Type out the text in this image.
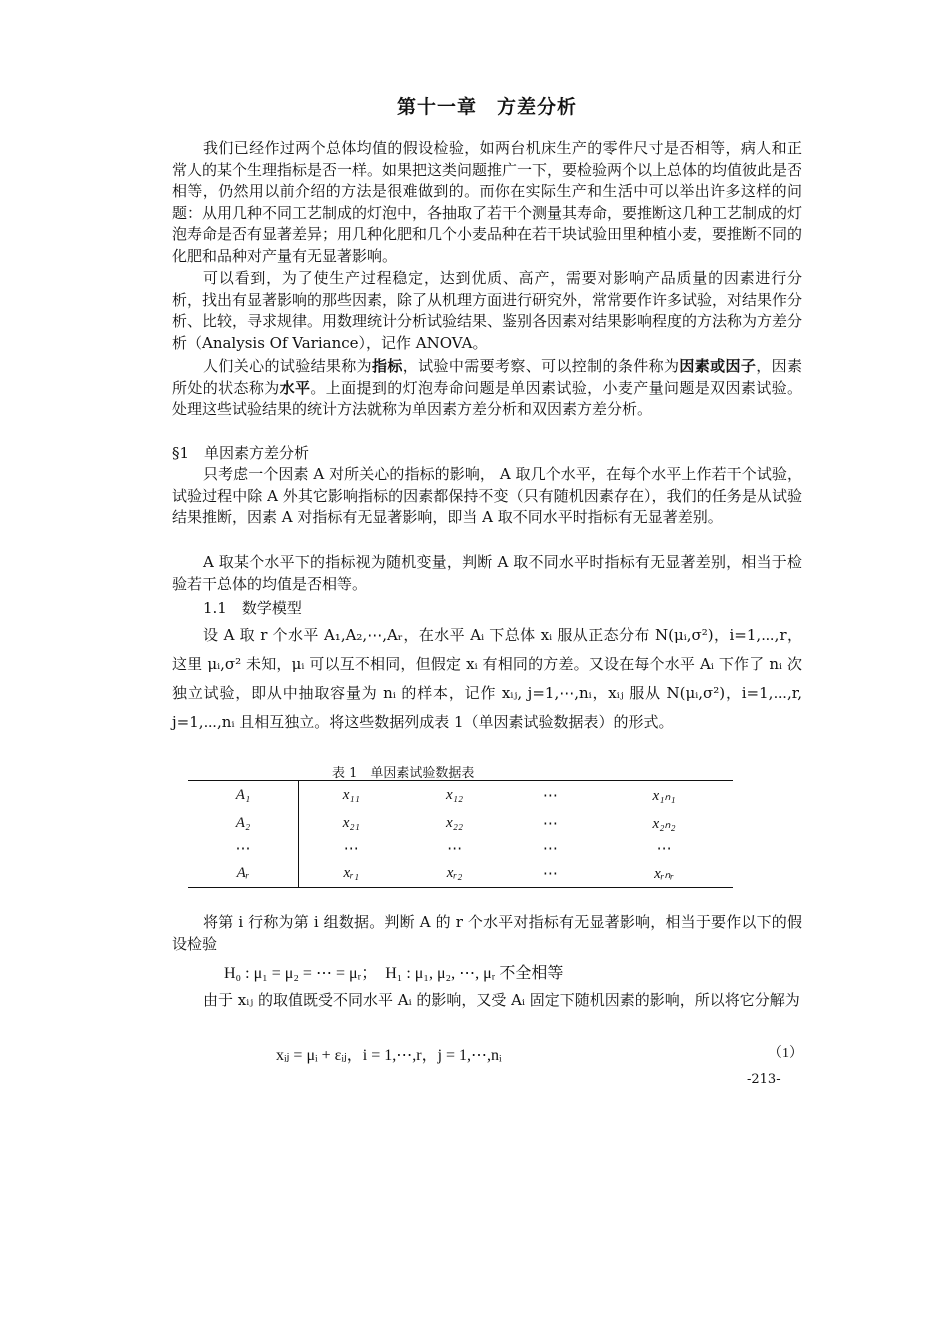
第十一章　方差分析

我们已经作过两个总体均值的假设检验，如两台机床生产的零件尺寸是否相等，病人和正常人的某个生理指标是否一样。如果把这类问题推广一下，要检验两个以上总体的均值彼此是否相等，仍然用以前介绍的方法是很难做到的。而你在实际生产和生活中可以举出许多这样的问题：从用几种不同工艺制成的灯泡中，各抽取了若干个测量其寿命，要推断这几种工艺制成的灯泡寿命是否有显著差异；用几种化肥和几个小麦品种在若干块试验田里种植小麦，要推断不同的化肥和品种对产量有无显著影响。

可以看到，为了使生产过程稳定，达到优质、高产，需要对影响产品质量的因素进行分析，找出有显著影响的那些因素，除了从机理方面进行研究外，常常要作许多试验，对结果作分析、比较，寻求规律。用数理统计分析试验结果、鉴别各因素对结果影响程度的方法称为方差分析（Analysis Of Variance），记作 ANOVA。

人们关心的试验结果称为指标，试验中需要考察、可以控制的条件称为因素或因子，因素所处的状态称为水平。上面提到的灯泡寿命问题是单因素试验，小麦产量问题是双因素试验。处理这些试验结果的统计方法就称为单因素方差分析和双因素方差分析。

§1　单因素方差分析

只考虑一个因素 A 对所关心的指标的影响， A 取几个水平，在每个水平上作若干个试验，试验过程中除 A 外其它影响指标的因素都保持不变（只有随机因素存在），我们的任务是从试验结果推断，因素 A 对指标有无显著影响，即当 A 取不同水平时指标有无显著差别。

A 取某个水平下的指标视为随机变量，判断 A 取不同水平时指标有无显著差别，相当于检验若干总体的均值是否相等。

1.1　数学模型

设 A 取 r 个水平 A₁,A₂,⋯,Aᵣ，在水平 Aᵢ 下总体 xᵢ 服从正态分布 N(μᵢ,σ²)，i=1,⋯,r，这里 μᵢ,σ² 未知，μᵢ 可以互不相同，但假定 xᵢ 有相同的方差。又设在每个水平 Aᵢ 下作了 nᵢ 次独立试验，即从中抽取容量为 nᵢ 的样本，记作 xᵢⱼ, j=1,⋯,nᵢ，xᵢⱼ 服从 N(μᵢ,σ²)，i=1,⋯,r, j=1,⋯,nᵢ 且相互独立。将这些数据列成表 1（单因素试验数据表）的形式。

表 1　单因素试验数据表
A₁	x₁₁	x₁₂	⋯	x₁ₙ₁
A₂	x₂₁	x₂₂	⋯	x₂ₙ₂
⋯	⋯	⋯	⋯	⋯
Aᵣ	xᵣ₁	xᵣ₂	⋯	xᵣₙᵣ

将第 i 行称为第 i 组数据。判断 A 的 r 个水平对指标有无显著影响，相当于要作以下的假设检验

H₀ : μ₁ = μ₂ = ⋯ = μᵣ；　H₁ : μ₁, μ₂, ⋯, μᵣ 不全相等

由于 xᵢⱼ 的取值既受不同水平 Aᵢ 的影响，又受 Aᵢ 固定下随机因素的影响，所以将它分解为

xᵢⱼ = μᵢ + εᵢⱼ，i = 1,⋯,r，j = 1,⋯,nᵢ	（1）
-213-
